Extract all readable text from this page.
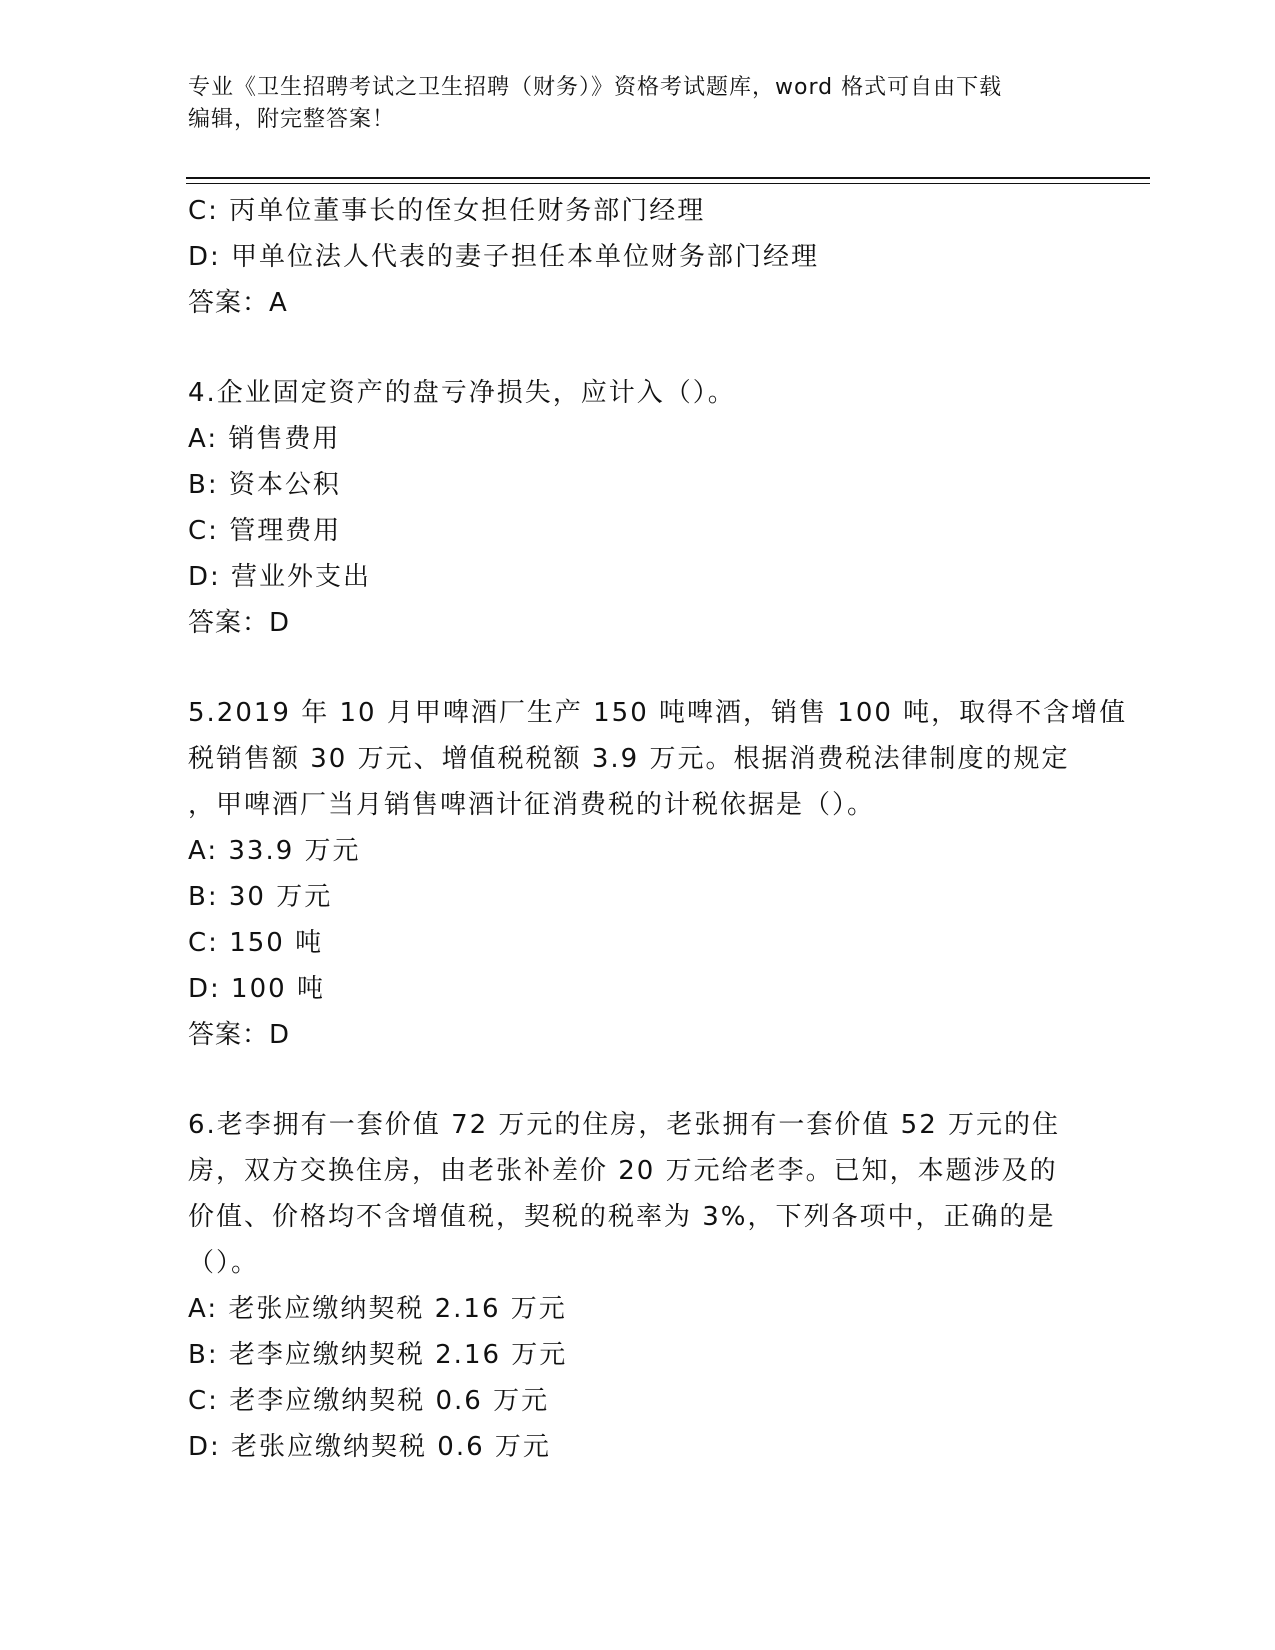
专业《卫生招聘考试之卫生招聘（财务）》资格考试题库，word 格式可自由下载
编辑，附完整答案！
C: 丙单位董事长的侄女担任财务部门经理
D: 甲单位法人代表的妻子担任本单位财务部门经理
答案：A
4.企业固定资产的盘亏净损失，应计入（）。
A: 销售费用
B: 资本公积
C: 管理费用
D: 营业外支出
答案：D
5.2019 年 10 月甲啤酒厂生产 150 吨啤酒，销售 100 吨，取得不含增值
税销售额 30 万元、增值税税额 3.9 万元。根据消费税法律制度的规定
，甲啤酒厂当月销售啤酒计征消费税的计税依据是（）。
A: 33.9 万元
B: 30 万元
C: 150 吨
D: 100 吨
答案：D
6.老李拥有一套价值 72 万元的住房，老张拥有一套价值 52 万元的住
房，双方交换住房，由老张补差价 20 万元给老李。已知，本题涉及的
价值、价格均不含增值税，契税的税率为 3%，下列各项中，正确的是
（）。
A: 老张应缴纳契税 2.16 万元
B: 老李应缴纳契税 2.16 万元
C: 老李应缴纳契税 0.6 万元
D: 老张应缴纳契税 0.6 万元
